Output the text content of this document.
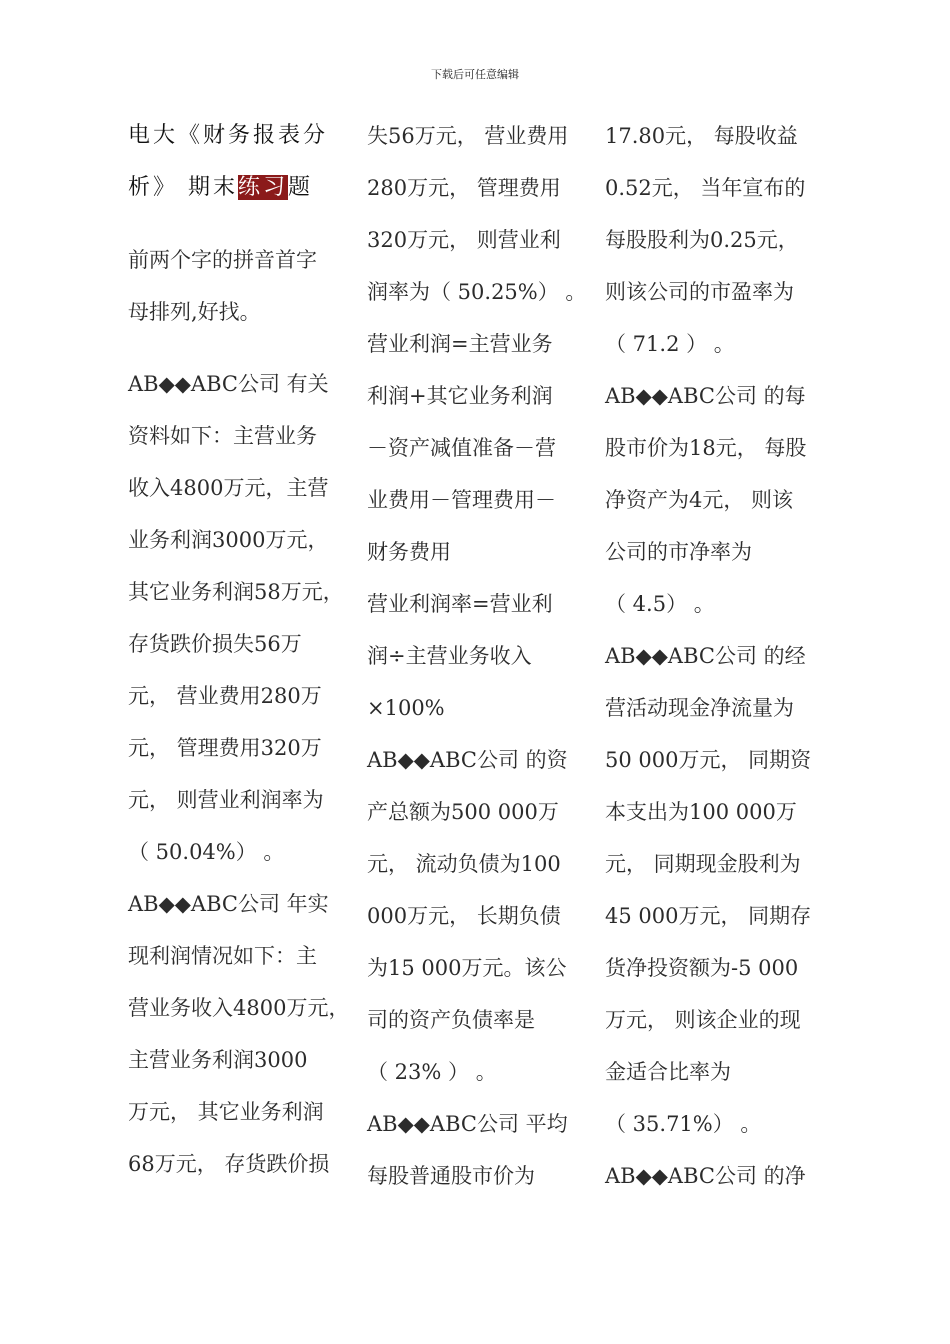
下载后可任意编辑
电大《财务报表分
析》 期末练习题
前两个字的拼音首字
母排列,好找。
AB◆◆ABC公司 有关
资料如下：主营业务
收入4800万元，主营
业务利润3000万元，
其它业务利润58万元，
存货跌价损失56万
元， 营业费用280万
元， 管理费用320万
元， 则营业利润率为
（ 50.04%） 。
AB◆◆ABC公司 年实
现利润情况如下：主
营业务收入4800万元，
主营业务利润3000
万元， 其它业务利润
68万元， 存货跌价损
失56万元， 营业费用
280万元， 管理费用
320万元， 则营业利
润率为（ 50.25%） 。
营业利润=主营业务
利润+其它业务利润
－资产减值准备－营
业费用－管理费用－
财务费用
营业利润率=营业利
润÷主营业务收入
×100%
AB◆◆ABC公司 的资
产总额为500 000万
元， 流动负债为100
000万元， 长期负债
为15 000万元。该公
司的资产负债率是
（ 23% ） 。
AB◆◆ABC公司 平均
每股普通股市价为
17.80元， 每股收益
0.52元， 当年宣布的
每股股利为0.25元，
则该公司的市盈率为
（ 71.2 ） 。
AB◆◆ABC公司 的每
股市价为18元， 每股
净资产为4元， 则该
公司的市净率为
（ 4.5） 。
AB◆◆ABC公司 的经
营活动现金净流量为
50 000万元， 同期资
本支出为100 000万
元， 同期现金股利为
45 000万元， 同期存
货净投资额为-5 000
万元， 则该企业的现
金适合比率为
（ 35.71%） 。
AB◆◆ABC公司 的净
